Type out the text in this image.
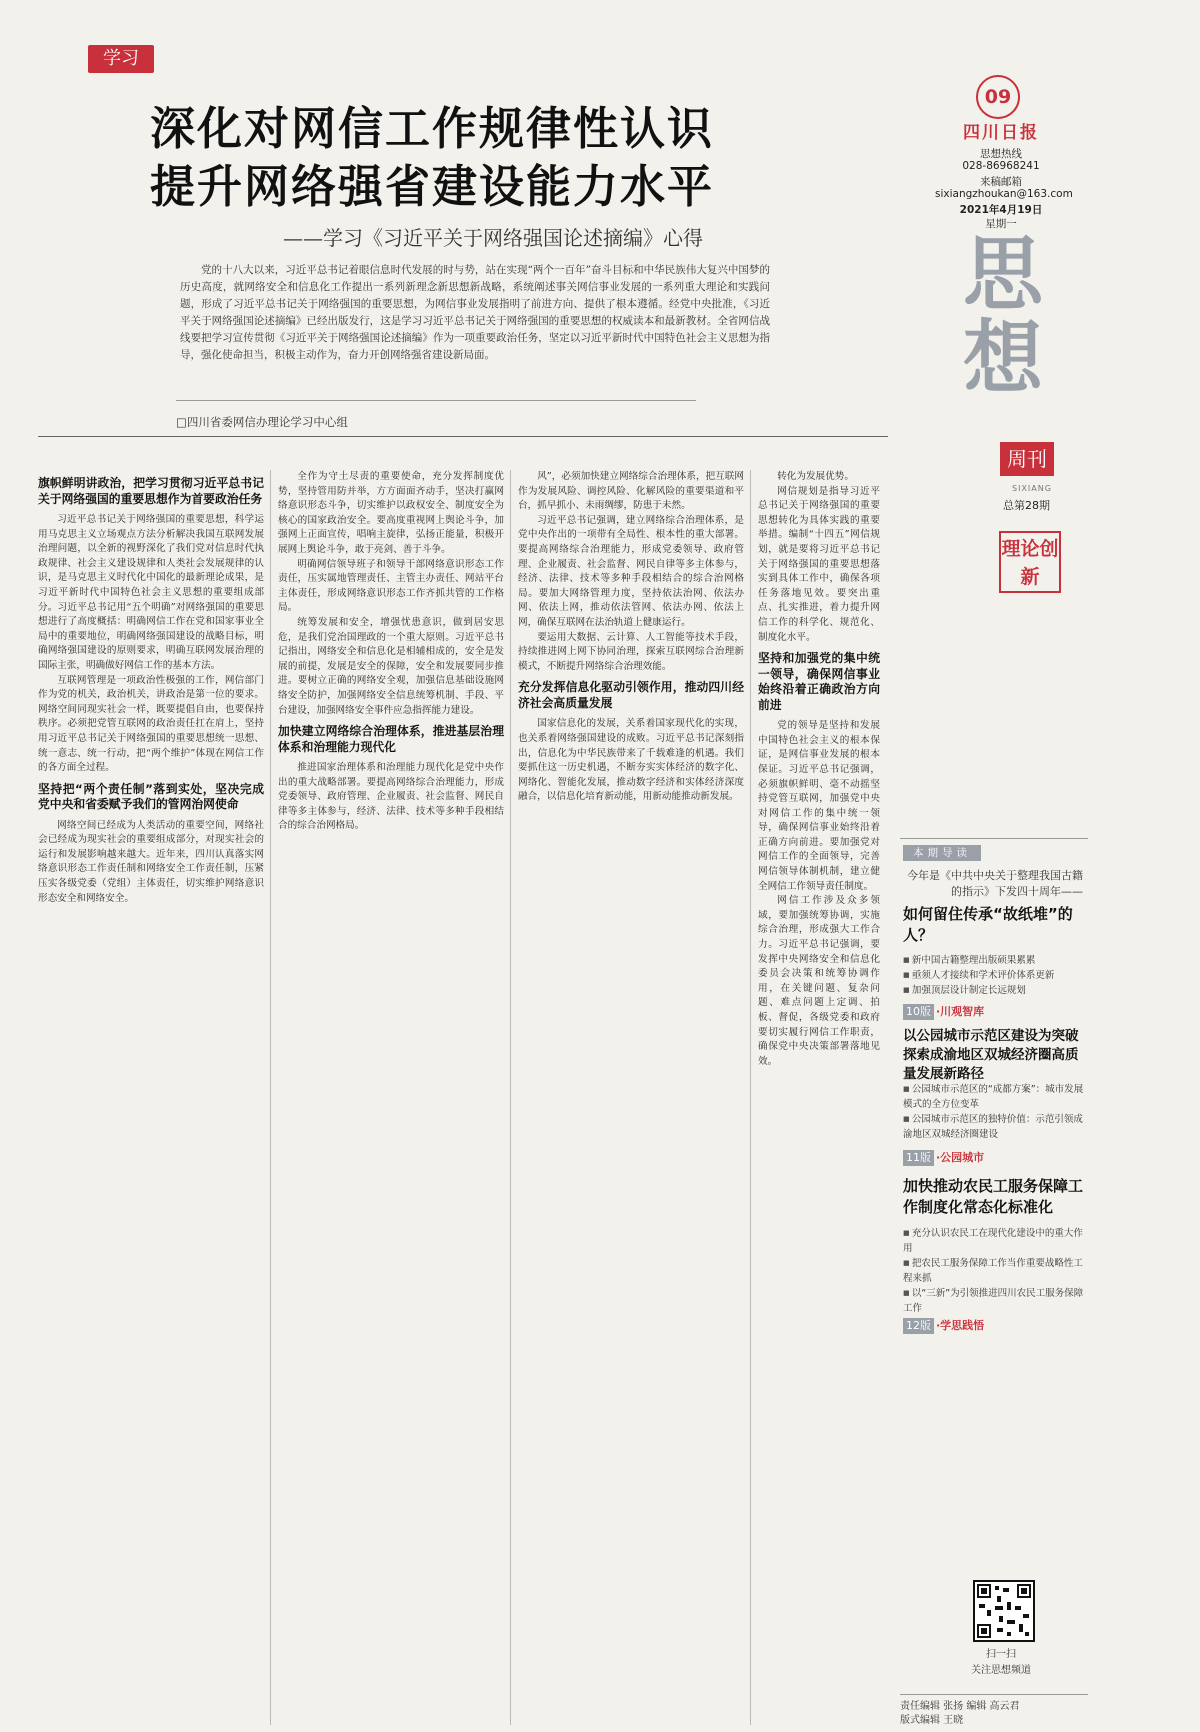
学习
深化对网信工作规律性认识
提升网络强省建设能力水平
——学习《习近平关于网络强国论述摘编》心得
党的十八大以来，习近平总书记着眼信息时代发展的时与势，站在实现“两个一百年”奋斗目标和中华民族伟大复兴中国梦的历史高度，就网络安全和信息化工作提出一系列新理念新思想新战略，系统阐述事关网信事业发展的一系列重大理论和实践问题，形成了习近平总书记关于网络强国的重要思想，为网信事业发展指明了前进方向、提供了根本遵循。经党中央批准，《习近平关于网络强国论述摘编》已经出版发行，这是学习习近平总书记关于网络强国的重要思想的权威读本和最新教材。全省网信战线要把学习宣传贯彻《习近平关于网络强国论述摘编》作为一项重要政治任务，坚定以习近平新时代中国特色社会主义思想为指导，强化使命担当，积极主动作为，奋力开创网络强省建设新局面。
□四川省委网信办理论学习中心组
旗帜鲜明讲政治，把学习贯彻习近平总书记关于网络强国的重要思想作为首要政治任务

习近平总书记关于网络强国的重要思想，科学运用马克思主义立场观点方法分析解决我国互联网发展治理问题，以全新的视野深化了我们党对信息时代执政规律、社会主义建设规律和人类社会发展规律的认识，是马克思主义时代化中国化的最新理论成果，是习近平新时代中国特色社会主义思想的重要组成部分。习近平总书记用“五个明确”对网络强国的重要思想进行了高度概括：明确网信工作在党和国家事业全局中的重要地位，明确网络强国建设的战略目标，明确网络强国建设的原则要求，明确互联网发展治理的国际主张，明确做好网信工作的基本方法。

互联网管理是一项政治性极强的工作，网信部门作为党的机关，政治机关，讲政治是第一位的要求。网络空间同现实社会一样，既要提倡自由，也要保持秩序。必须把党管互联网的政治责任扛在肩上，坚持用习近平总书记关于网络强国的重要思想统一思想、统一意志、统一行动，把“两个维护”体现在网信工作的各方面全过程。

坚持把“两个责任制”落到实处，坚决完成党中央和省委赋予我们的管网治网使命

网络空间已经成为人类活动的重要空间，网络社会已经成为现实社会的重要组成部分，对现实社会的运行和发展影响越来越大。近年来，四川认真落实网络意识形态工作责任制和网络安全工作责任制，压紧压实各级党委（党组）主体责任，切实维护网络意识形态安全和网络安全。

全作为守土尽责的重要使命，充分发挥制度优势，坚持管用防并举，方方面面齐动手，坚决打赢网络意识形态斗争，切实维护以政权安全、制度安全为核心的国家政治安全。要高度重视网上舆论斗争，加强网上正面宣传，唱响主旋律，弘扬正能量，积极开展网上舆论斗争，敢于亮剑、善于斗争。

明确网信领导班子和领导干部网络意识形态工作责任，压实属地管理责任、主管主办责任、网站平台主体责任，形成网络意识形态工作齐抓共管的工作格局。

统筹发展和安全，增强忧患意识，做到居安思危，是我们党治国理政的一个重大原则。习近平总书记指出，网络安全和信息化是相辅相成的，安全是发展的前提，发展是安全的保障，安全和发展要同步推进。要树立正确的网络安全观，加强信息基础设施网络安全防护，加强网络安全信息统筹机制、手段、平台建设，加强网络安全事件应急指挥能力建设。

加快建立网络综合治理体系，推进基层治理体系和治理能力现代化

推进国家治理体系和治理能力现代化是党中央作出的重大战略部署。要提高网络综合治理能力，形成党委领导、政府管理、企业履责、社会监督、网民自律等多主体参与，经济、法律、技术等多种手段相结合的综合治网格局。

风”，必须加快建立网络综合治理体系，把互联网作为发展风险、调控风险、化解风险的重要渠道和平台，抓早抓小、未雨绸缪，防患于未然。

习近平总书记强调，建立网络综合治理体系，是党中央作出的一项带有全局性、根本性的重大部署。要提高网络综合治理能力，形成党委领导、政府管理、企业履责、社会监督、网民自律等多主体参与，经济、法律、技术等多种手段相结合的综合治网格局。要加大网络管理力度，坚持依法治网、依法办网、依法上网，推动依法管网、依法办网、依法上网，确保互联网在法治轨道上健康运行。

要运用大数据、云计算、人工智能等技术手段，持续推进网上网下协同治理，探索互联网综合治理新模式，不断提升网络综合治理效能。

充分发挥信息化驱动引领作用，推动四川经济社会高质量发展

国家信息化的发展，关系着国家现代化的实现，也关系着网络强国建设的成败。习近平总书记深刻指出，信息化为中华民族带来了千载难逢的机遇。我们要抓住这一历史机遇，不断夯实实体经济的数字化、网络化、智能化发展，推动数字经济和实体经济深度融合，以信息化培育新动能，用新动能推动新发展。

转化为发展优势。

网信规划是指导习近平总书记关于网络强国的重要思想转化为具体实践的重要举措。编制“十四五”网信规划，就是要将习近平总书记关于网络强国的重要思想落实到具体工作中，确保各项任务落地见效。要突出重点、扎实推进，着力提升网信工作的科学化、规范化、制度化水平。

坚持和加强党的集中统一领导，确保网信事业始终沿着正确政治方向前进

党的领导是坚持和发展中国特色社会主义的根本保证，是网信事业发展的根本保证。习近平总书记强调，必须旗帜鲜明、毫不动摇坚持党管互联网，加强党中央对网信工作的集中统一领导，确保网信事业始终沿着正确方向前进。要加强党对网信工作的全面领导，完善网信领导体制机制，建立健全网信工作领导责任制度。

网信工作涉及众多领域，要加强统筹协调，实施综合治理，形成强大工作合力。习近平总书记强调，要发挥中央网络安全和信息化委员会决策和统筹协调作用，在关键问题、复杂问题、难点问题上定调、拍板、督促，各级党委和政府要切实履行网信工作职责，确保党中央决策部署落地见效。

09
四川日报
思想热线
028-86968241
来稿邮箱
sixiangzhoukan@163.com
2021年4月19日
星期一
思想
周刊
SIXIANG
总第28期
理论创新
本期导读
今年是《中共中央关于整理我国古籍的指示》下发四十周年——
如何留住传承“故纸堆”的人？
■ 新中国古籍整理出版硕果累累
■ 亟须人才接续和学术评价体系更新
■ 加强顶层设计制定长远规划
10版 ·川观智库
以公园城市示范区建设为突破 探索成渝地区双城经济圈高质量发展新路径
■ 公园城市示范区的“成都方案”：城市发展模式的全方位变革
■ 公园城市示范区的独特价值：示范引领成渝地区双城经济圈建设
11版 ·公园城市
加快推动农民工服务保障工作制度化常态化标准化
■ 充分认识农民工在现代化建设中的重大作用
■ 把农民工服务保障工作当作重要战略性工程来抓
■ 以“三新”为引领推进四川农民工服务保障工作
12版 ·学思践悟
扫一扫
关注思想频道
责任编辑 张扬 编辑 高云君
版式编辑 王晓
